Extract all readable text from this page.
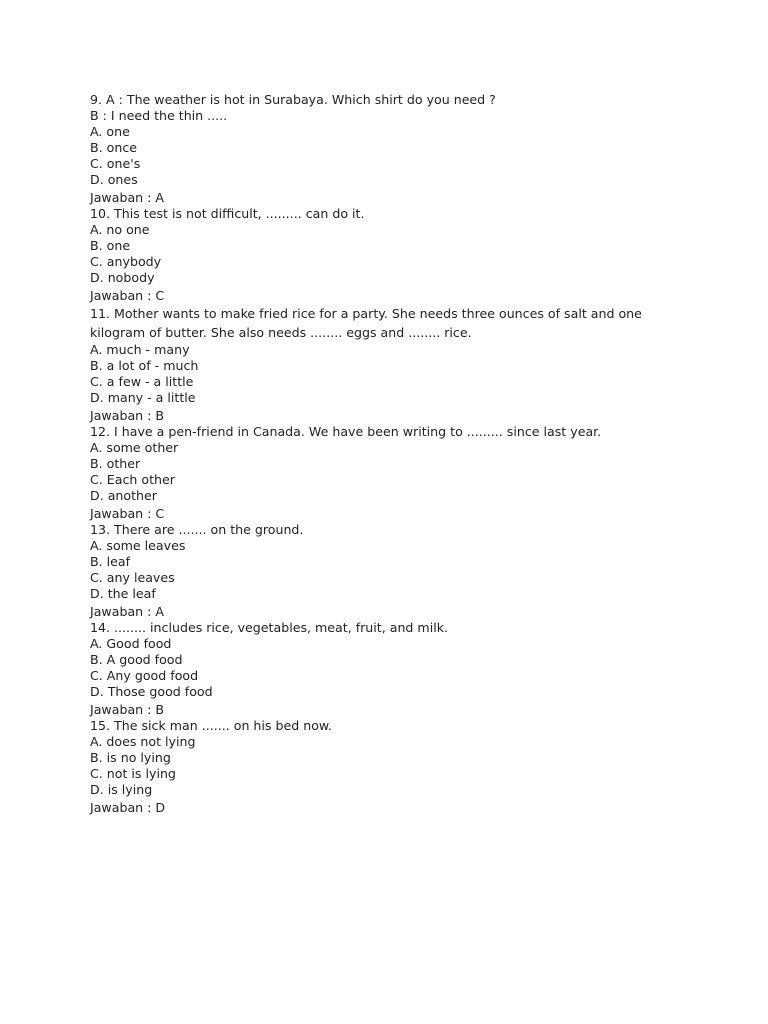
9. A : The weather is hot in Surabaya. Which shirt do you need ?
B : I need the thin .....
A. one
B. once
C. one's
D. ones
Jawaban : A
10. This test is not difficult, ......... can do it.
A. no one
B. one
C. anybody
D. nobody
Jawaban : C
11. Mother wants to make fried rice for a party. She needs three ounces of salt and one kilogram of butter. She also needs ........ eggs and ........ rice.
A. much - many
B. a lot of - much
C. a few - a little
D. many - a little
Jawaban : B
12. I have a pen-friend in Canada. We have been writing to ......... since last year.
A. some other
B. other
C. Each other
D. another
Jawaban : C
13. There are ....... on the ground.
A. some leaves
B. leaf
C. any leaves
D. the leaf
Jawaban : A
14. ........ includes rice, vegetables, meat, fruit, and milk.
A. Good food
B. A good food
C. Any good food
D. Those good food
Jawaban : B
15. The sick man ....... on his bed now.
A. does not lying
B. is no lying
C. not is lying
D. is lying
Jawaban : D
